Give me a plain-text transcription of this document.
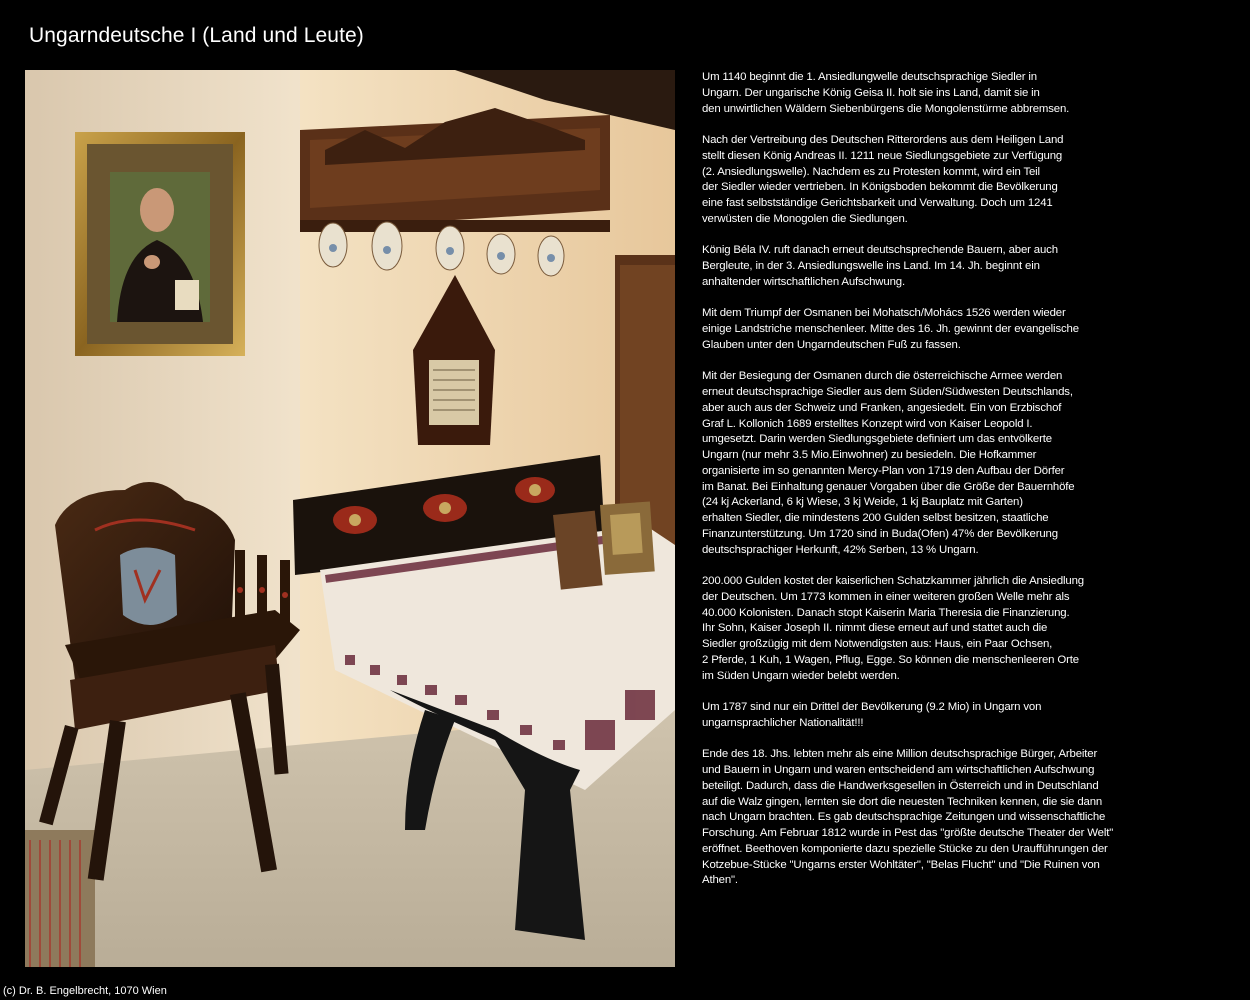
Ungarndeutsche I (Land und Leute)

Um 1140 beginnt die 1. Ansiedlungwelle deutschsprachige Siedler in
Ungarn. Der ungarische König Geisa II. holt sie ins Land, damit sie in
den unwirtlichen Wäldern Siebenbürgens die Mongolenstürme abbremsen.

Nach der Vertreibung des Deutschen Ritterordens aus dem Heiligen Land
stellt diesen König Andreas II. 1211 neue Siedlungsgebiete zur Verfügung
(2. Ansiedlungswelle). Nachdem es zu Protesten kommt, wird ein Teil
der Siedler wieder vertrieben. In Königsboden bekommt die Bevölkerung
eine fast selbstständige Gerichtsbarkeit und Verwaltung. Doch um 1241
verwüsten die Monogolen die Siedlungen.

König Béla IV. ruft danach erneut deutschsprechende Bauern, aber auch
Bergleute, in der 3. Ansiedlungswelle ins Land. Im 14. Jh. beginnt ein
anhaltender wirtschaftlichen Aufschwung.

Mit dem Triumpf der Osmanen bei Mohatsch/Mohács 1526 werden wieder
einige Landstriche menschenleer. Mitte des 16. Jh. gewinnt der evangelische
Glauben unter den Ungarndeutschen Fuß zu fassen.

Mit der Besiegung der Osmanen durch die österreichische Armee werden
erneut deutschsprachige Siedler aus dem Süden/Südwesten Deutschlands,
aber auch aus der Schweiz und Franken, angesiedelt. Ein von Erzbischof
Graf L. Kollonich 1689 erstelltes Konzept wird von Kaiser Leopold I.
umgesetzt. Darin werden Siedlungsgebiete definiert um das entvölkerte
Ungarn (nur mehr 3.5 Mio.Einwohner) zu besiedeln. Die Hofkammer
organisierte im so genannten Mercy-Plan von 1719 den Aufbau der Dörfer
im Banat. Bei Einhaltung genauer Vorgaben über die Größe der Bauernhöfe
(24 kj Ackerland, 6 kj Wiese, 3 kj Weide, 1 kj Bauplatz mit Garten)
erhalten Siedler, die mindestens 200 Gulden selbst besitzen, staatliche
Finanzunterstützung. Um 1720 sind in Buda(Ofen) 47% der Bevölkerung
deutschsprachiger Herkunft, 42% Serben, 13 % Ungarn.

200.000 Gulden kostet der kaiserlichen Schatzkammer jährlich die Ansiedlung
der Deutschen. Um 1773 kommen in einer weiteren großen Welle mehr als
40.000 Kolonisten. Danach stopt Kaiserin Maria Theresia die Finanzierung.
Ihr Sohn, Kaiser Joseph II. nimmt diese erneut auf und stattet auch die
Siedler großzügig mit dem Notwendigsten aus: Haus, ein Paar Ochsen,
2 Pferde, 1 Kuh, 1 Wagen, Pflug, Egge. So können die menschenleeren Orte
im Süden Ungarn wieder belebt werden.

Um 1787 sind nur ein Drittel der Bevölkerung (9.2 Mio) in Ungarn von
ungarnsprachlicher Nationalität!!!

Ende des 18. Jhs. lebten mehr als eine Million deutschsprachige Bürger, Arbeiter
und Bauern in Ungarn und waren entscheidend am wirtschaftlichen Aufschwung
beteiligt. Dadurch, dass die Handwerksgesellen in Österreich und in Deutschland
auf die Walz gingen, lernten sie dort die neuesten Techniken kennen, die sie dann
nach Ungarn brachten. Es gab deutschsprachige Zeitungen und wissenschaftliche
Forschung. Am Februar 1812 wurde in Pest das "größte deutsche Theater der Welt"
eröffnet. Beethoven komponierte dazu spezielle Stücke zu den Uraufführungen der
Kotzebue-Stücke "Ungarns erster Wohltäter", "Belas Flucht" und "Die Ruinen von
Athen".

(c) Dr. B. Engelbrecht, 1070 Wien
